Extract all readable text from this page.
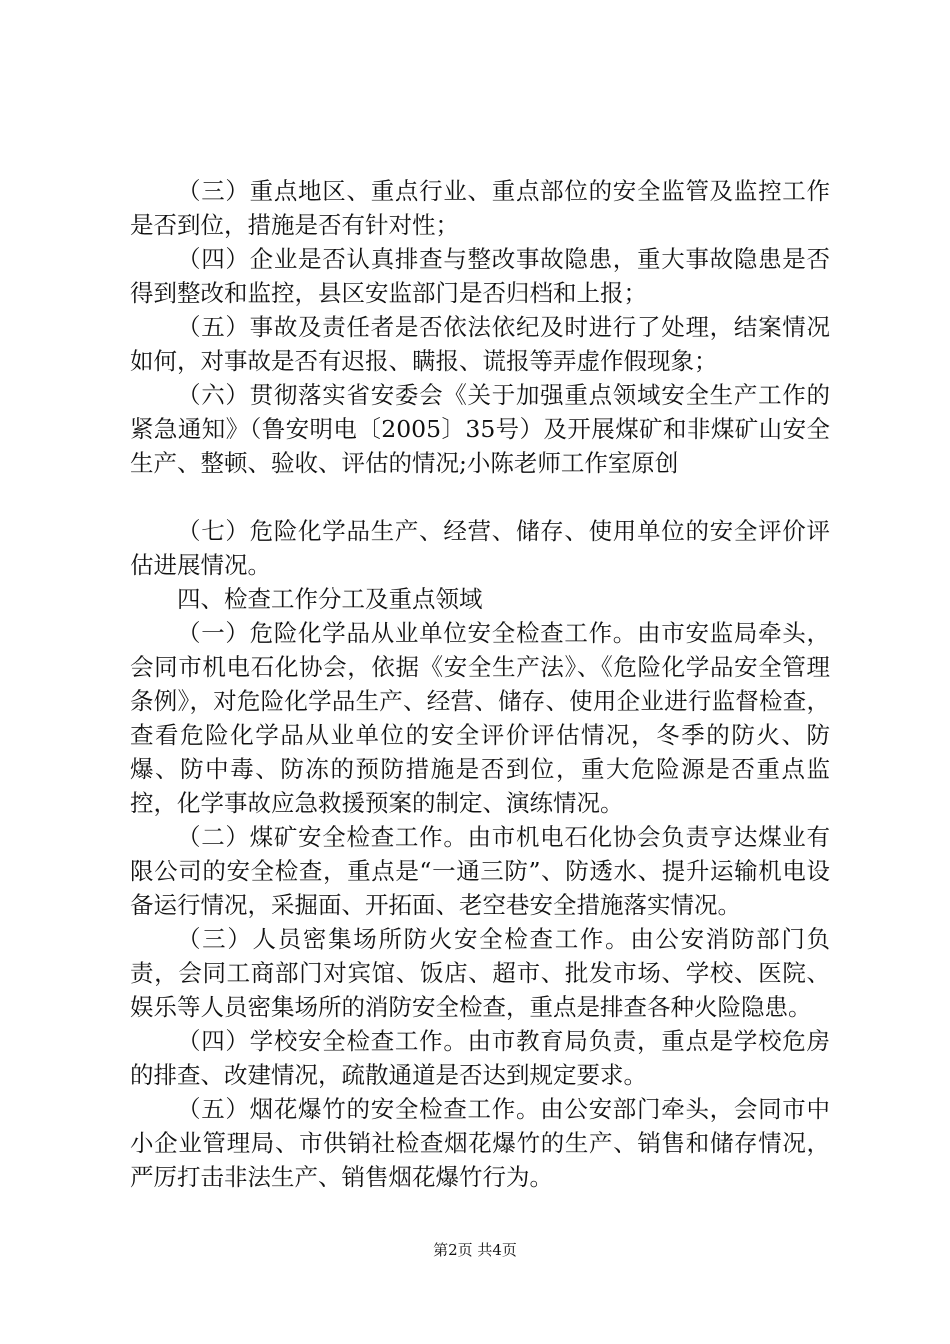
（三）重点地区、重点行业、重点部位的安全监管及监控工作是否到位，措施是否有针对性；

（四）企业是否认真排查与整改事故隐患，重大事故隐患是否得到整改和监控，县区安监部门是否归档和上报；

（五）事故及责任者是否依法依纪及时进行了处理，结案情况如何，对事故是否有迟报、瞒报、谎报等弄虚作假现象；

（六）贯彻落实省安委会《关于加强重点领域安全生产工作的紧急通知》（鲁安明电〔2005〕35号）及开展煤矿和非煤矿山安全生产、整顿、验收、评估的情况;小陈老师工作室原创

（七）危险化学品生产、经营、储存、使用单位的安全评价评估进展情况。

四、检查工作分工及重点领域

（一）危险化学品从业单位安全检查工作。由市安监局牵头，会同市机电石化协会，依据《安全生产法》、《危险化学品安全管理条例》，对危险化学品生产、经营、储存、使用企业进行监督检查，查看危险化学品从业单位的安全评价评估情况，冬季的防火、防爆、防中毒、防冻的预防措施是否到位，重大危险源是否重点监控，化学事故应急救援预案的制定、演练情况。

（二）煤矿安全检查工作。由市机电石化协会负责亨达煤业有限公司的安全检查，重点是“一通三防”、防透水、提升运输机电设备运行情况，采掘面、开拓面、老空巷安全措施落实情况。

（三）人员密集场所防火安全检查工作。由公安消防部门负责，会同工商部门对宾馆、饭店、超市、批发市场、学校、医院、娱乐等人员密集场所的消防安全检查，重点是排查各种火险隐患。

（四）学校安全检查工作。由市教育局负责，重点是学校危房的排查、改建情况，疏散通道是否达到规定要求。

（五）烟花爆竹的安全检查工作。由公安部门牵头，会同市中小企业管理局、市供销社检查烟花爆竹的生产、销售和储存情况，严厉打击非法生产、销售烟花爆竹行为。

第2页 共4页
